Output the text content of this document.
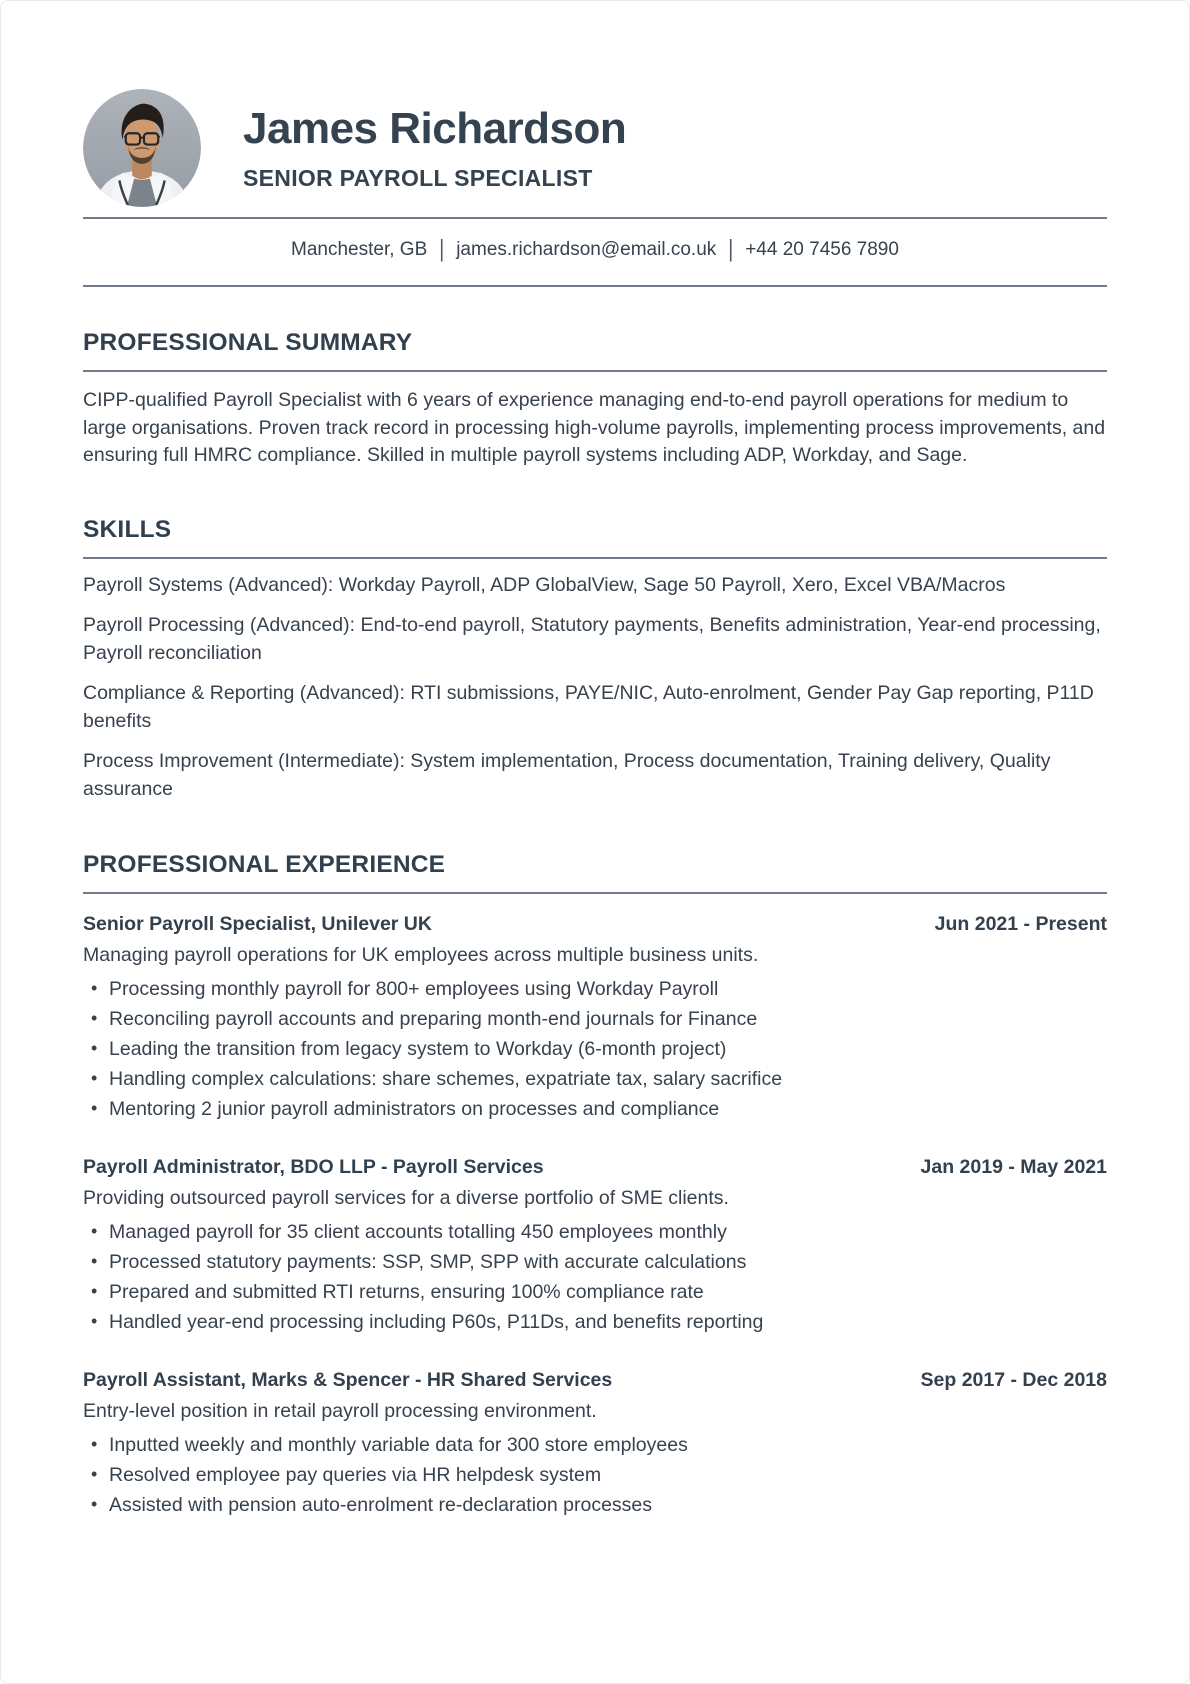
James Richardson
SENIOR PAYROLL SPECIALIST
Manchester, GB | james.richardson@email.co.uk | +44 20 7456 7890
PROFESSIONAL SUMMARY

CIPP-qualified Payroll Specialist with 6 years of experience managing end-to-end payroll operations for medium to large organisations. Proven track record in processing high-volume payrolls, implementing process improvements, and ensuring full HMRC compliance. Skilled in multiple payroll systems including ADP, Workday, and Sage.

SKILLS

Payroll Systems (Advanced): Workday Payroll, ADP GlobalView, Sage 50 Payroll, Xero, Excel VBA/Macros

Payroll Processing (Advanced): End-to-end payroll, Statutory payments, Benefits administration, Year-end processing, Payroll reconciliation

Compliance & Reporting (Advanced): RTI submissions, PAYE/NIC, Auto-enrolment, Gender Pay Gap reporting, P11D benefits

Process Improvement (Intermediate): System implementation, Process documentation, Training delivery, Quality assurance

PROFESSIONAL EXPERIENCE
Senior Payroll Specialist, Unilever UK	Jun 2021 - Present
Managing payroll operations for UK employees across multiple business units.
• Processing monthly payroll for 800+ employees using Workday Payroll
• Reconciling payroll accounts and preparing month-end journals for Finance
• Leading the transition from legacy system to Workday (6-month project)
• Handling complex calculations: share schemes, expatriate tax, salary sacrifice
• Mentoring 2 junior payroll administrators on processes and compliance
Payroll Administrator, BDO LLP - Payroll Services	Jan 2019 - May 2021
Providing outsourced payroll services for a diverse portfolio of SME clients.
• Managed payroll for 35 client accounts totalling 450 employees monthly
• Processed statutory payments: SSP, SMP, SPP with accurate calculations
• Prepared and submitted RTI returns, ensuring 100% compliance rate
• Handled year-end processing including P60s, P11Ds, and benefits reporting
Payroll Assistant, Marks & Spencer - HR Shared Services	Sep 2017 - Dec 2018
Entry-level position in retail payroll processing environment.
• Inputted weekly and monthly variable data for 300 store employees
• Resolved employee pay queries via HR helpdesk system
• Assisted with pension auto-enrolment re-declaration processes
